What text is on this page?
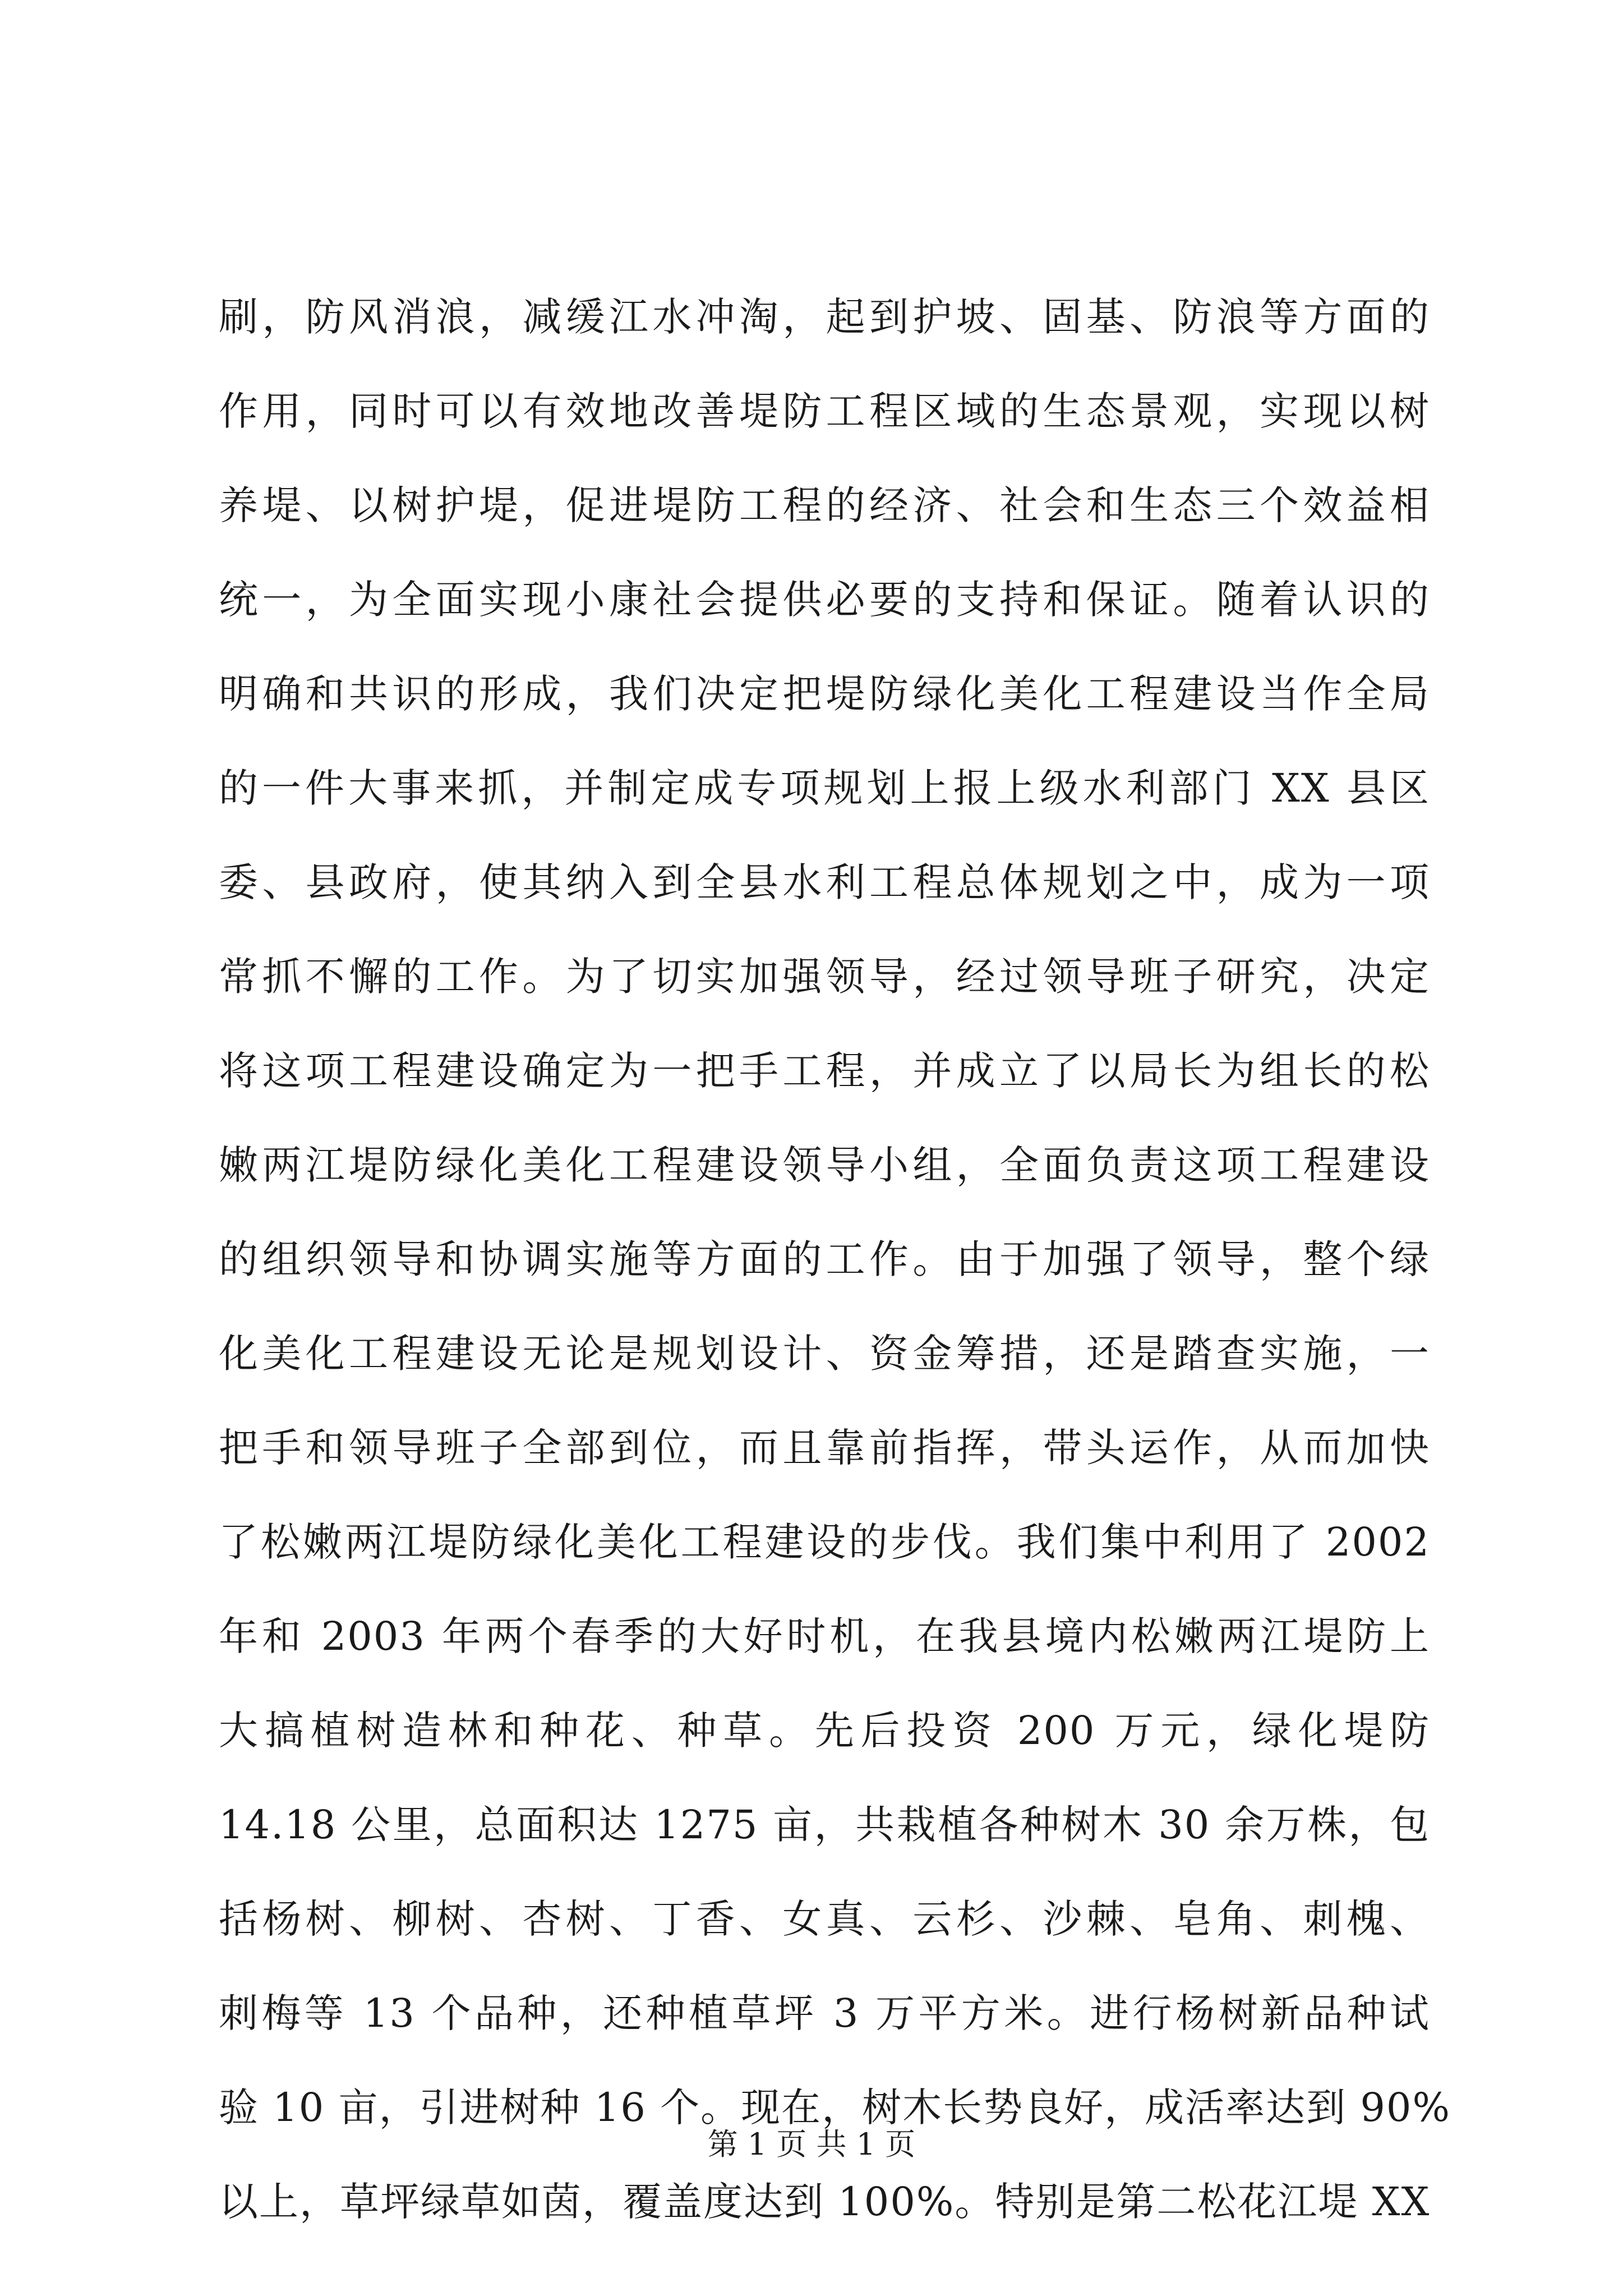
刷，防风消浪，减缓江水冲淘，起到护坡、固基、防浪等方面的
作用，同时可以有效地改善堤防工程区域的生态景观，实现以树
养堤、以树护堤，促进堤防工程的经济、社会和生态三个效益相
统一，为全面实现小康社会提供必要的支持和保证。随着认识的
明确和共识的形成，我们决定把堤防绿化美化工程建设当作全局
的一件大事来抓，并制定成专项规划上报上级水利部门 XX 县区
委、县政府，使其纳入到全县水利工程总体规划之中，成为一项
常抓不懈的工作。为了切实加强领导，经过领导班子研究，决定
将这项工程建设确定为一把手工程，并成立了以局长为组长的松
嫩两江堤防绿化美化工程建设领导小组，全面负责这项工程建设
的组织领导和协调实施等方面的工作。由于加强了领导，整个绿
化美化工程建设无论是规划设计、资金筹措，还是踏查实施，一
把手和领导班子全部到位，而且靠前指挥，带头运作，从而加快
了松嫩两江堤防绿化美化工程建设的步伐。我们集中利用了 2002
年和 2003 年两个春季的大好时机，在我县境内松嫩两江堤防上
大搞植树造林和种花、种草。先后投资 200 万元，绿化堤防
14.18 公里，总面积达 1275 亩，共栽植各种树木 30 余万株，包
括杨树、柳树、杏树、丁香、女真、云杉、沙棘、皂角、刺槐、
刺梅等 13 个品种，还种植草坪 3 万平方米。进行杨树新品种试
验 10 亩，引进树种 16 个。现在，树木长势良好，成活率达到 90%
以上，草坪绿草如茵，覆盖度达到 100%。特别是第二松花江堤 XX
第 1 页 共 1 页
